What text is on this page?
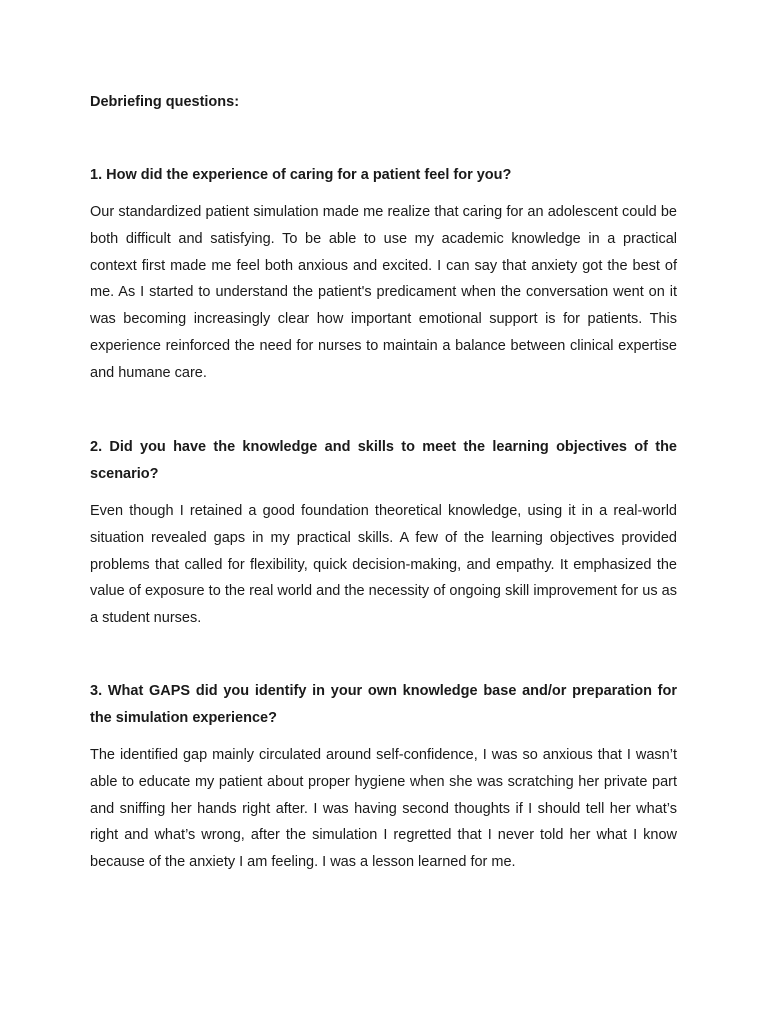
Debriefing questions:

1. How did the experience of caring for a patient feel for you?

Our standardized patient simulation made me realize that caring for an adolescent could be both difficult and satisfying. To be able to use my academic knowledge in a practical context first made me feel both anxious and excited. I can say that anxiety got the best of me. As I started to understand the patient's predicament when the conversation went on it was becoming increasingly clear how important emotional support is for patients. This experience reinforced the need for nurses to maintain a balance between clinical expertise and humane care.

2. Did you have the knowledge and skills to meet the learning objectives of the scenario?

Even though I retained a good foundation theoretical knowledge, using it in a real-world situation revealed gaps in my practical skills. A few of the learning objectives provided problems that called for flexibility, quick decision-making, and empathy. It emphasized the value of exposure to the real world and the necessity of ongoing skill improvement for us as a student nurses.

3. What GAPS did you identify in your own knowledge base and/or preparation for the simulation experience?

The identified gap mainly circulated around self-confidence, I was so anxious that I wasn’t able to educate my patient about proper hygiene when she was scratching her private part and sniffing her hands right after. I was having second thoughts if I should tell her what’s right and what’s wrong, after the simulation I regretted that I never told her what I know because of the anxiety I am feeling. I was a lesson learned for me.
